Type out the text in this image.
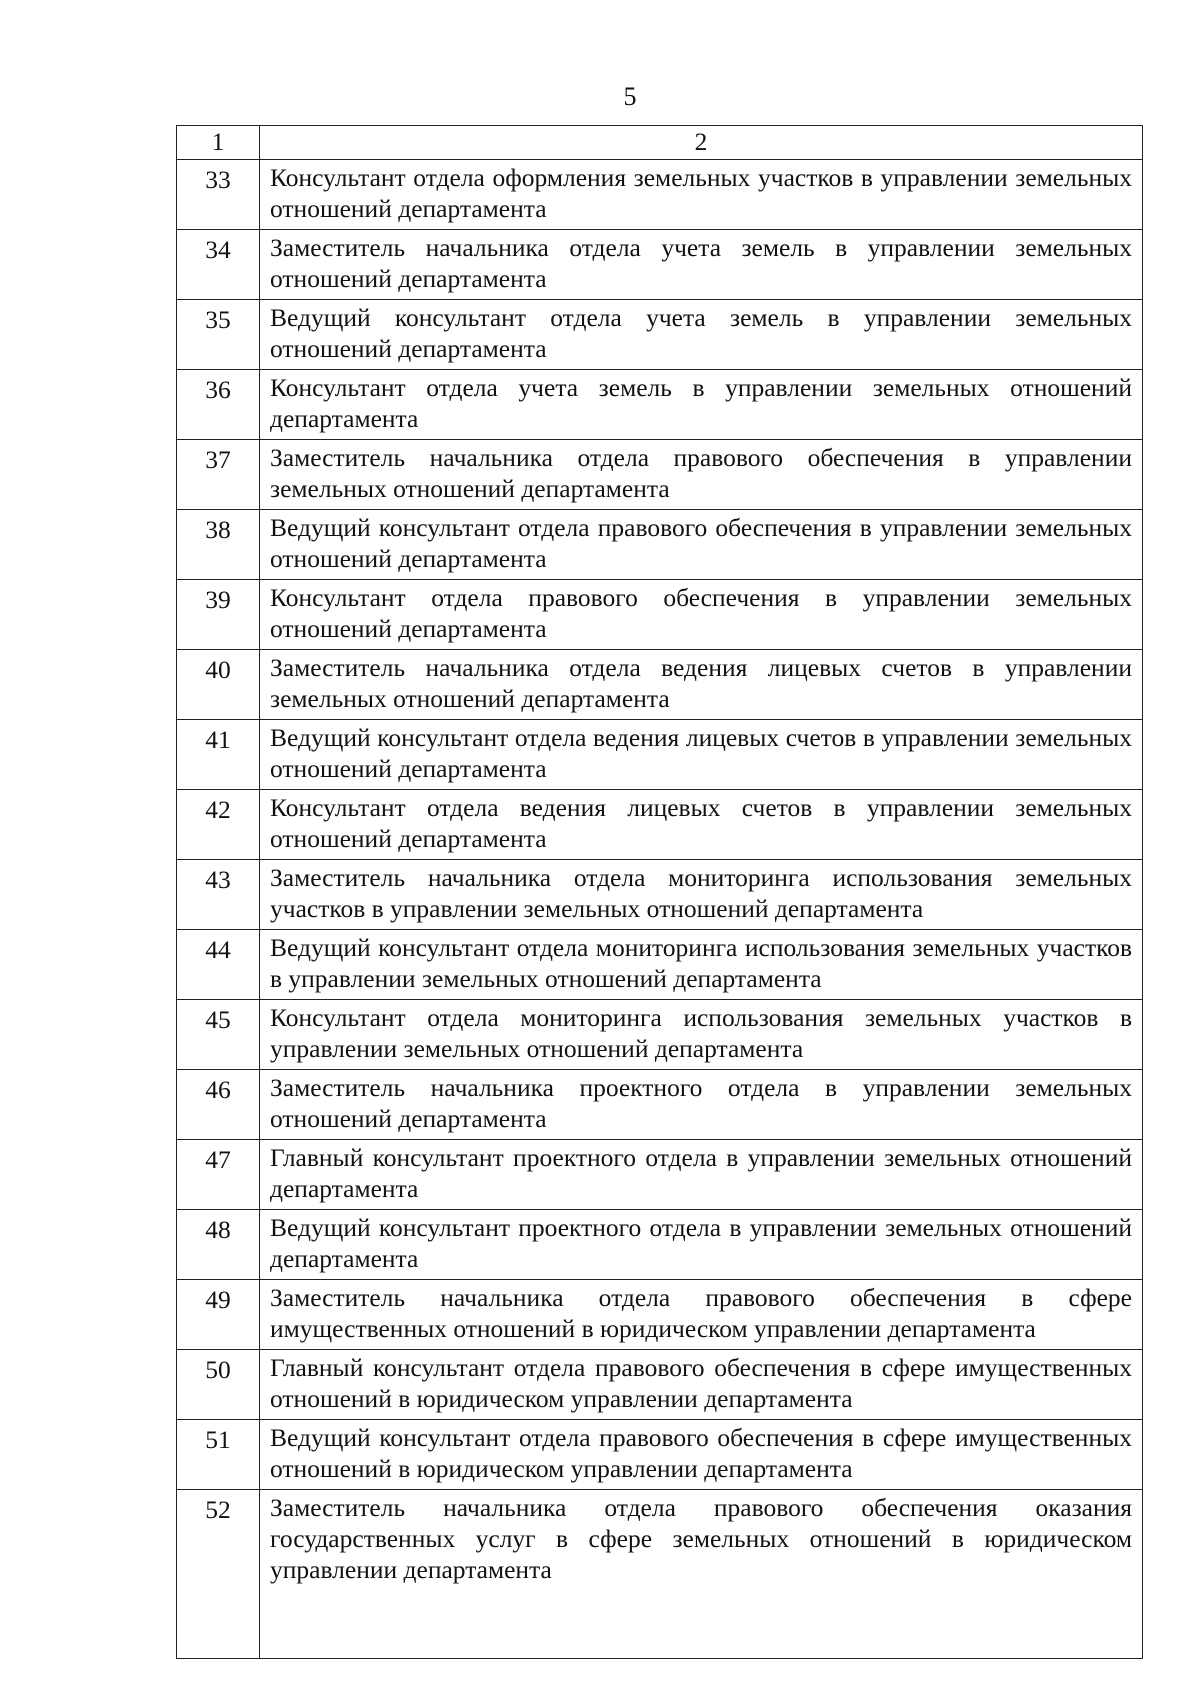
5
1	2
33	Консультант отдела оформления земельных участков в управлении земельных отношений департамента
34	Заместитель начальника отдела учета земель в управлении земельных отношений департамента
35	Ведущий консультант отдела учета земель в управлении земельных отношений департамента
36	Консультант отдела учета земель в управлении земельных отношений департамента
37	Заместитель начальника отдела правового обеспечения в управлении земельных отношений департамента
38	Ведущий консультант отдела правового обеспечения в управлении земельных отношений департамента
39	Консультант отдела правового обеспечения в управлении земельных отношений департамента
40	Заместитель начальника отдела ведения лицевых счетов в управлении земельных отношений департамента
41	Ведущий консультант отдела ведения лицевых счетов в управлении земельных отношений департамента
42	Консультант отдела ведения лицевых счетов в управлении земельных отношений департамента
43	Заместитель начальника отдела мониторинга использования земельных участков в управлении земельных отношений департамента
44	Ведущий консультант отдела мониторинга использования земельных участков в управлении земельных отношений департамента
45	Консультант отдела мониторинга использования земельных участков в управлении земельных отношений департамента
46	Заместитель начальника проектного отдела в управлении земельных отношений департамента
47	Главный консультант проектного отдела в управлении земельных отношений департамента
48	Ведущий консультант проектного отдела в управлении земельных отношений департамента
49	Заместитель начальника отдела правового обеспечения в сфере имущественных отношений в юридическом управлении департамента
50	Главный консультант отдела правового обеспечения в сфере имущественных отношений в юридическом управлении департамента
51	Ведущий консультант отдела правового обеспечения в сфере имущественных отношений в юридическом управлении департамента
52	Заместитель начальника отдела правового обеспечения оказания государственных услуг в сфере земельных отношений в юридическом управлении департамента
